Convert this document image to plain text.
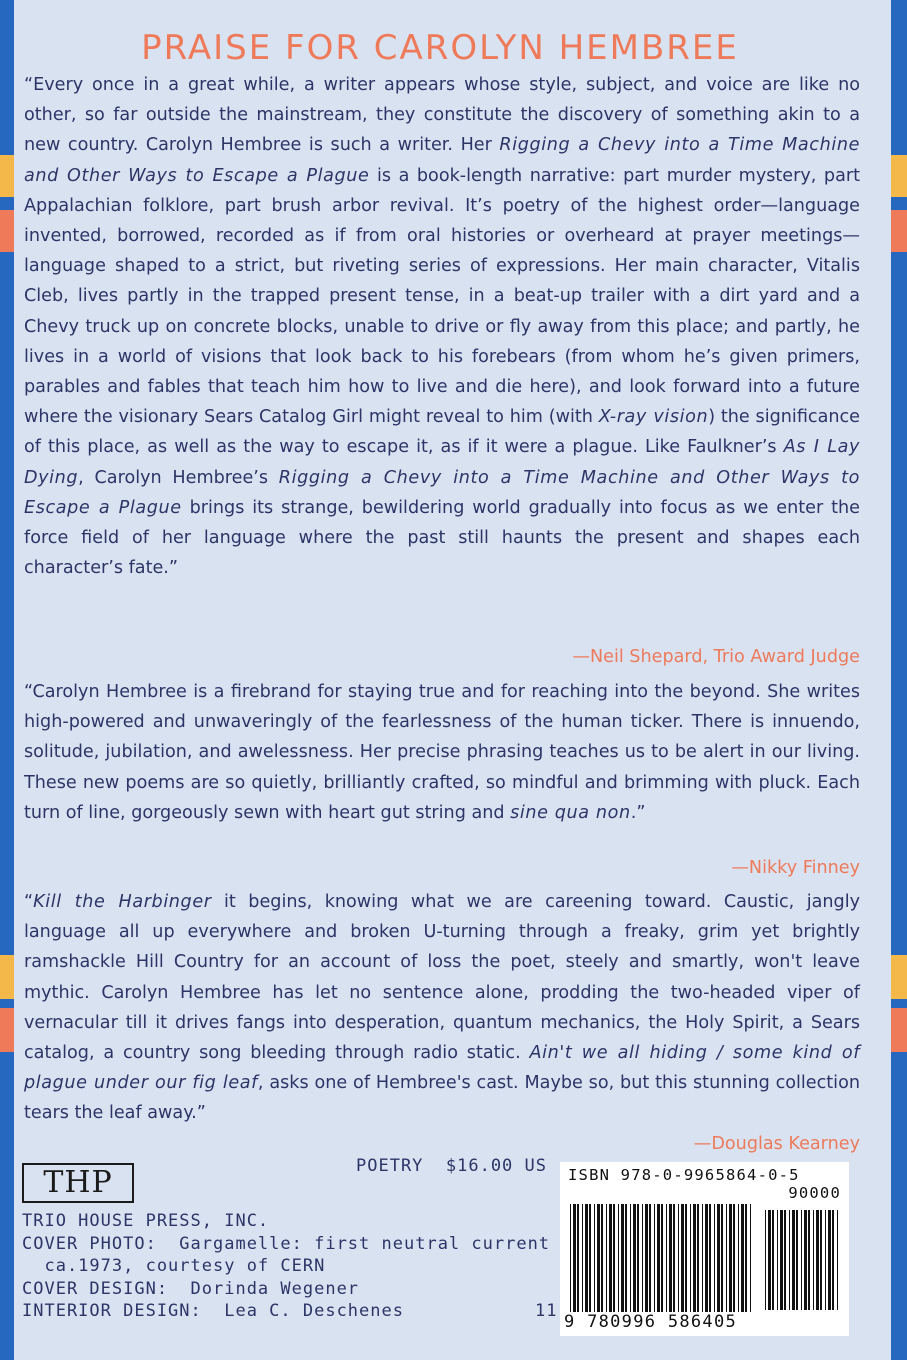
PRAISE FOR CAROLYN HEMBREE

“Every once in a great while, a writer appears whose style, subject, and voice are like no other, so far outside the mainstream, they constitute the discovery of something akin to a new country. Carolyn Hembree is such a writer. Her Rigging a Chevy into a Time Machine and Other Ways to Escape a Plague is a book-length narrative: part murder mystery, part Appalachian folklore, part brush arbor revival. It’s poetry of the highest order—language invented, borrowed, recorded as if from oral histories or overheard at prayer meetings—language shaped to a strict, but riveting series of expressions. Her main character, Vitalis Cleb, lives partly in the trapped present tense, in a beat-up trailer with a dirt yard and a Chevy truck up on concrete blocks, unable to drive or fly away from this place; and partly, he lives in a world of visions that look back to his forebears (from whom he’s given primers, parables and fables that teach him how to live and die here), and look forward into a future where the visionary Sears Catalog Girl might reveal to him (with X-ray vision) the significance of this place, as well as the way to escape it, as if it were a plague. Like Faulkner’s As I Lay Dying, Carolyn Hembree’s Rigging a Chevy into a Time Machine and Other Ways to Escape a Plague brings its strange, bewildering world gradually into focus as we enter the force field of her language where the past still haunts the present and shapes each character’s fate.”

—Neil Shepard, Trio Award Judge

“Carolyn Hembree is a firebrand for staying true and for reaching into the beyond. She writes high-powered and unwaveringly of the fearlessness of the human ticker. There is innuendo, solitude, jubilation, and awelessness. Her precise phrasing teaches us to be alert in our living. These new poems are so quietly, brilliantly crafted, so mindful and brimming with pluck. Each turn of line, gorgeously sewn with heart gut string and sine qua non.”

—Nikky Finney

“Kill the Harbinger it begins, knowing what we are careening toward. Caustic, jangly language all up everywhere and broken U-turning through a freaky, grim yet brightly ramshackle Hill Country for an account of loss the poet, steely and smartly, won't leave mythic. Carolyn Hembree has let no sentence alone, prodding the two-headed viper of vernacular till it drives fangs into desperation, quantum mechanics, the Holy Spirit, a Sears catalog, a country song bleeding through radio static. Ain't we all hiding / some kind of plague under our fig leaf, asks one of Hembree's cast. Maybe so, but this stunning collection tears the leaf away.”

—Douglas Kearney
THP	POETRY  $16.00 US
TRIO HOUSE PRESS, INC.
COVER PHOTO:  Gargamelle: first neutral current
ca.1973, courtesy of CERN
COVER DESIGN:  Dorinda Wegener
INTERIOR DESIGN:  Lea C. Deschenes	11
ISBN 978-0-9965864-0-5
90000
9 780996 586405
